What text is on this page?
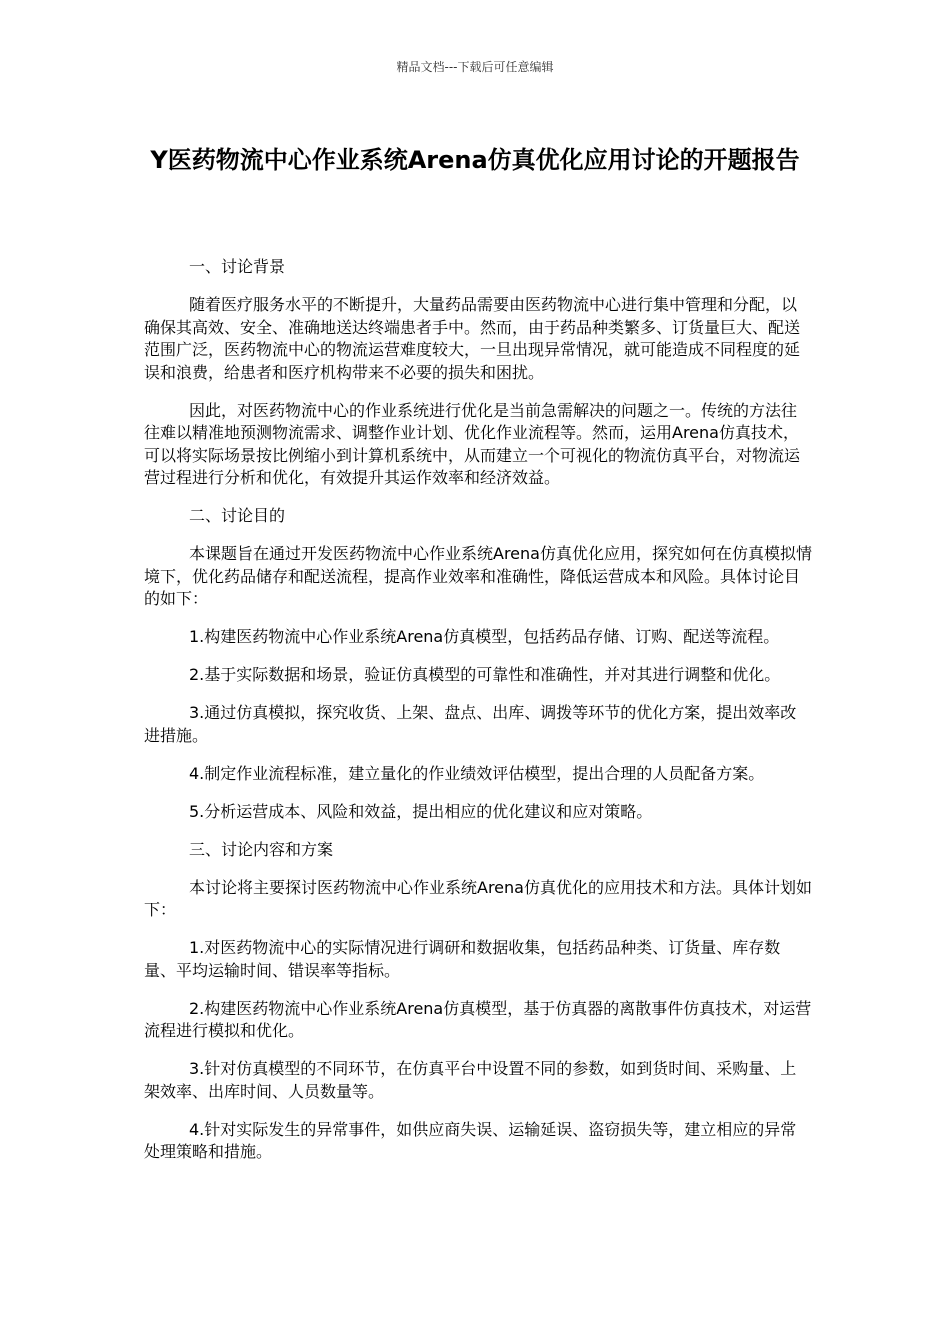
精品文档---下载后可任意编辑
Y医药物流中心作业系统Arena仿真优化应用讨论的开题报告

一、讨论背景

随着医疗服务水平的不断提升，大量药品需要由医药物流中心进行集中管理和分配，以确保其高效、安全、准确地送达终端患者手中。然而，由于药品种类繁多、订货量巨大、配送范围广泛，医药物流中心的物流运营难度较大，一旦出现异常情况，就可能造成不同程度的延误和浪费，给患者和医疗机构带来不必要的损失和困扰。

因此，对医药物流中心的作业系统进行优化是当前急需解决的问题之一。传统的方法往往难以精准地预测物流需求、调整作业计划、优化作业流程等。然而，运用Arena仿真技术，可以将实际场景按比例缩小到计算机系统中，从而建立一个可视化的物流仿真平台，对物流运营过程进行分析和优化，有效提升其运作效率和经济效益。

二、讨论目的

本课题旨在通过开发医药物流中心作业系统Arena仿真优化应用，探究如何在仿真模拟情境下，优化药品储存和配送流程，提高作业效率和准确性，降低运营成本和风险。具体讨论目的如下：

1.构建医药物流中心作业系统Arena仿真模型，包括药品存储、订购、配送等流程。

2.基于实际数据和场景，验证仿真模型的可靠性和准确性，并对其进行调整和优化。

3.通过仿真模拟，探究收货、上架、盘点、出库、调拨等环节的优化方案，提出效率改进措施。

4.制定作业流程标准，建立量化的作业绩效评估模型，提出合理的人员配备方案。

5.分析运营成本、风险和效益，提出相应的优化建议和应对策略。

三、讨论内容和方案

本讨论将主要探讨医药物流中心作业系统Arena仿真优化的应用技术和方法。具体计划如下：

1.对医药物流中心的实际情况进行调研和数据收集，包括药品种类、订货量、库存数量、平均运输时间、错误率等指标。

2.构建医药物流中心作业系统Arena仿真模型，基于仿真器的离散事件仿真技术，对运营流程进行模拟和优化。

3.针对仿真模型的不同环节，在仿真平台中设置不同的参数，如到货时间、采购量、上架效率、出库时间、人员数量等。

4.针对实际发生的异常事件，如供应商失误、运输延误、盗窃损失等，建立相应的异常处理策略和措施。
